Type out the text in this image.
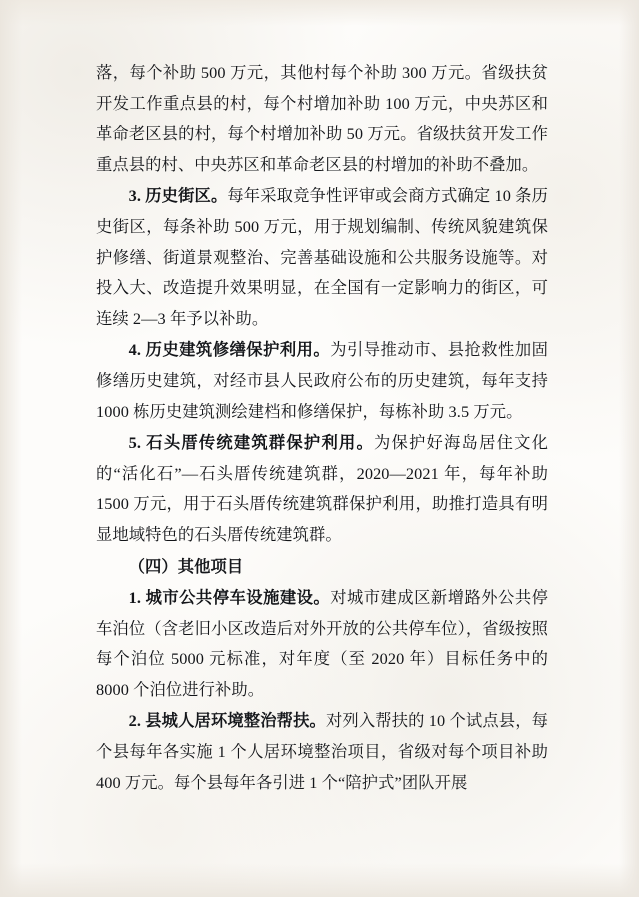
落，每个补助 500 万元，其他村每个补助 300 万元。省级扶贫开发工作重点县的村，每个村增加补助 100 万元，中央苏区和革命老区县的村，每个村增加补助 50 万元。省级扶贫开发工作重点县的村、中央苏区和革命老区县的村增加的补助不叠加。

3. 历史街区。每年采取竞争性评审或会商方式确定 10 条历史街区，每条补助 500 万元，用于规划编制、传统风貌建筑保护修缮、街道景观整治、完善基础设施和公共服务设施等。对投入大、改造提升效果明显，在全国有一定影响力的街区，可连续 2—3 年予以补助。

4. 历史建筑修缮保护利用。为引导推动市、县抢救性加固修缮历史建筑，对经市县人民政府公布的历史建筑，每年支持 1000 栋历史建筑测绘建档和修缮保护，每栋补助 3.5 万元。

5. 石头厝传统建筑群保护利用。为保护好海岛居住文化的“活化石”—石头厝传统建筑群，2020—2021 年，每年补助 1500 万元，用于石头厝传统建筑群保护利用，助推打造具有明显地域特色的石头厝传统建筑群。

（四）其他项目

1. 城市公共停车设施建设。对城市建成区新增路外公共停车泊位（含老旧小区改造后对外开放的公共停车位），省级按照每个泊位 5000 元标准，对年度（至 2020 年）目标任务中的 8000 个泊位进行补助。

2. 县城人居环境整治帮扶。对列入帮扶的 10 个试点县，每个县每年各实施 1 个人居环境整治项目，省级对每个项目补助 400 万元。每个县每年各引进 1 个“陪护式”团队开展
